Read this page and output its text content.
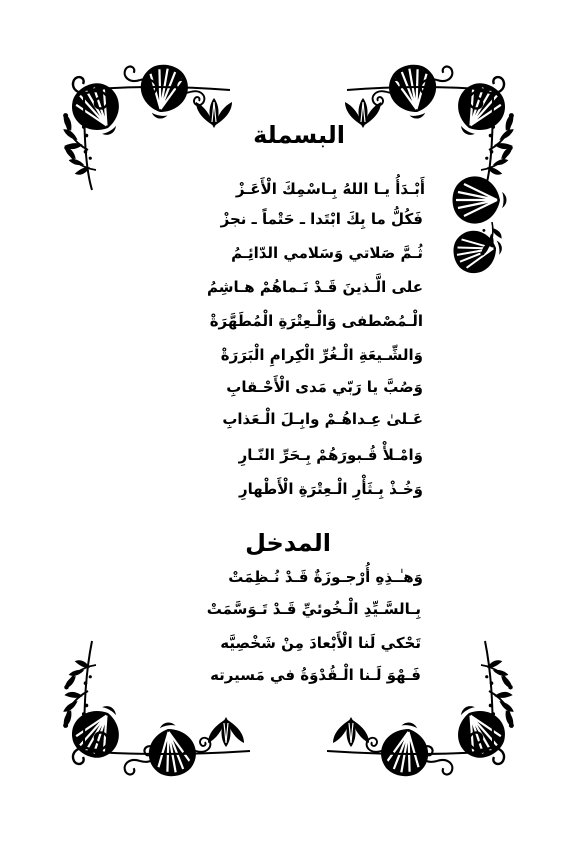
البسملة
أَبْـدَأُ يـا اللهُ بِـاسْمِكَ الْأَعَـزْ
فَكُلُّ ما بِكَ ابْتَدا ـ حَتْماً ـ نجزْ
ثُـمَّ صَلاتي وَسَلامي الدّائِـمُ
على الَّـذينَ قَـدْ نَـماهُمْ هـاشِمُ
الْـمُصْطفى وَالْـعِتْرَةِ الْمُطَهَّرَةْ
وَالشِّـيعَةِ الْـغُرِّ الْكِرامِ الْبَرَرَةْ
وَصُبَّ يا رَبّي مَدى الْأَحْـقابِ
عَـلىٰ عِـداهُـمْ وابِـلَ الْـعَذابِ
وَامْـلأْ قُـبورَهُمْ بِـحَرِّ النّـارِ
وَخُـذْ بِـثَأْرِ الْـعِتْرَةِ الْأَطْهارِ
المدخل
وَهـٰـذِهِ أُرْجـوزَةٌ قَـدْ نُـظِمَتْ
بِـالسَّـيِّدِ الْـخُوئيِّ قَـدْ تَـوَسَّمَتْ
تَحْكي لَنا الْأَبْعادَ مِنْ شَخْصِيَّه
فَـهْوَ لَـنا الْـقُدْوَةُ في مَسيرته
